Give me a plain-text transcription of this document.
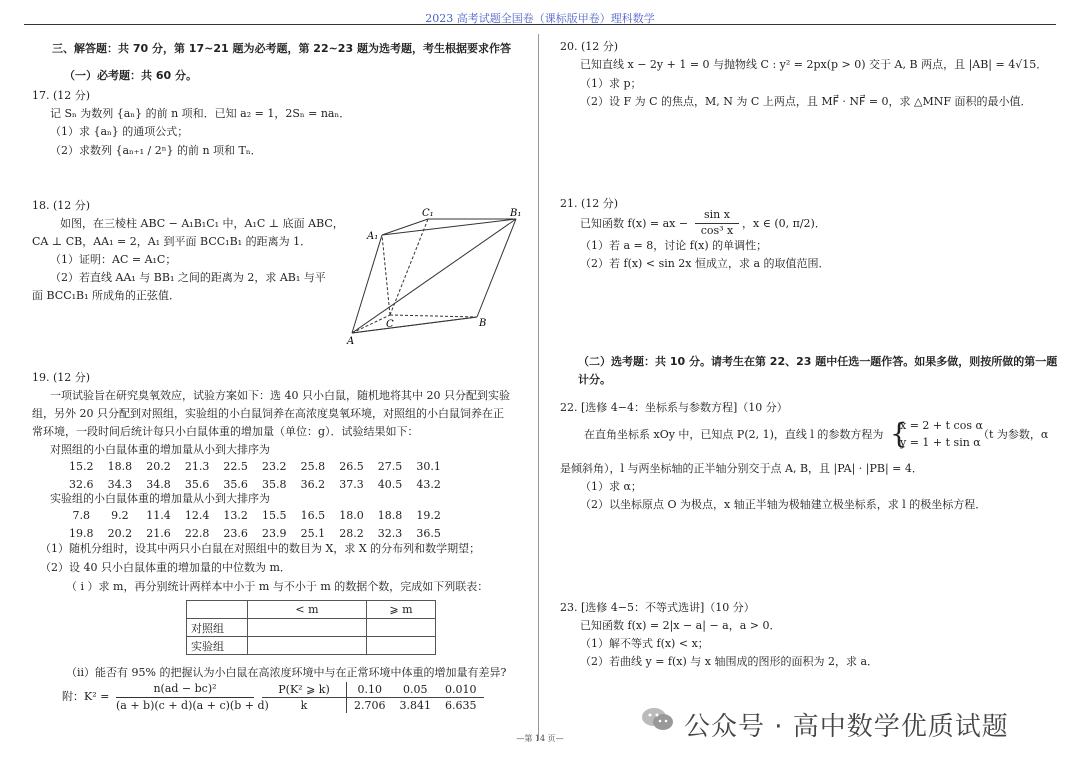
2023 高考试题全国卷（课标版甲卷）理科数学
三、解答题：共 70 分，第 17~21 题为必考题，第 22~23 题为选考题，考生根据要求作答
（一）必考题：共 60 分。
17. (12 分)
记 Sₙ 为数列 {aₙ} 的前 n 项和．已知 a₂ = 1，2Sₙ = naₙ．
（1）求 {aₙ} 的通项公式；
（2）求数列 {aₙ₊₁ / 2ⁿ} 的前 n 项和 Tₙ．
18. (12 分)
如图，在三棱柱 ABC − A₁B₁C₁ 中，A₁C ⊥ 底面 ABC，
CA ⊥ CB，AA₁ = 2，A₁ 到平面 BCC₁B₁ 的距离为 1．
（1）证明：AC = A₁C；
（2）若直线 AA₁ 与 BB₁ 之间的距离为 2，求 AB₁ 与平
面 BCC₁B₁ 所成角的正弦值．
A
B
C
A₁
B₁
C₁
19. (12 分)
一项试验旨在研究臭氧效应，试验方案如下：选 40 只小白鼠，随机地将其中 20 只分配到实验
组，另外 20 只分配到对照组，实验组的小白鼠饲养在高浓度臭氧环境，对照组的小白鼠饲养在正
常环境，一段时间后统计每只小白鼠体重的增加量（单位：g）．试验结果如下：
对照组的小白鼠体重的增加量从小到大排序为
15.2 18.8 20.2 21.3 22.5 23.2 25.8 26.5 27.5 30.1
32.6 34.3 34.8 35.6 35.6 35.8 36.2 37.3 40.5 43.2
实验组的小白鼠体重的增加量从小到大排序为
7.8 9.2 11.4 12.4 13.2 15.5 16.5 18.0 18.8 19.2
19.8 20.2 21.6 22.8 23.6 23.9 25.1 28.2 32.3 36.5
（1）随机分组时，设其中两只小白鼠在对照组中的数目为 X，求 X 的分布列和数学期望；
（2）设 40 只小白鼠体重的增加量的中位数为 m．
（ i ）求 m，再分别统计两样本中小于 m 与不小于 m 的数据个数，完成如下列联表：
	< m	⩾ m
对照组		
实验组		
（ii）能否有 95% 的把握认为小白鼠在高浓度环境中与在正常环境中体重的增加量有差异?
附：K² =
n(ad − bc)²
(a + b)(c + d)(a + c)(b + d)
P(K² ⩾ k)	0.10	0.05	0.010
k	2.706	3.841	6.635
20. (12 分)
已知直线 x − 2y + 1 = 0 与抛物线 C : y² = 2px(p > 0) 交于 A, B 两点，且 |AB| = 4√15．
（1）求 p；
（2）设 F 为 C 的焦点，M, N 为 C 上两点，且 MF⃗ · NF⃗ = 0，求 △MNF 面积的最小值．
21. (12 分)
已知函数 f(x) = ax −
sin x
cos³ x
，x ∈ (0, π/2)．
（1）若 a = 8，讨论 f(x) 的单调性；
（2）若 f(x) < sin 2x 恒成立，求 a 的取值范围．
（二）选考题：共 10 分。请考生在第 22、23 题中任选一题作答。如果多做，则按所做的第一题
计分。
22. [选修 4−4：坐标系与参数方程]（10 分）
在直角坐标系 xOy 中，已知点 P(2, 1)，直线 l 的参数方程为 {
x = 2 + t cos α
y = 1 + t sin α
（t 为参数，α
是倾斜角），l 与两坐标轴的正半轴分别交于点 A, B，且 |PA| · |PB| = 4．
（1）求 α；
（2）以坐标原点 O 为极点，x 轴正半轴为极轴建立极坐标系，求 l 的极坐标方程．
23. [选修 4−5：不等式选讲]（10 分）
已知函数 f(x) = 2|x − a| − a，a > 0．
（1）解不等式 f(x) < x；
（2）若曲线 y = f(x) 与 x 轴围成的图形的面积为 2，求 a．
公众号 · 高中数学优质试题
—第 14 页—
